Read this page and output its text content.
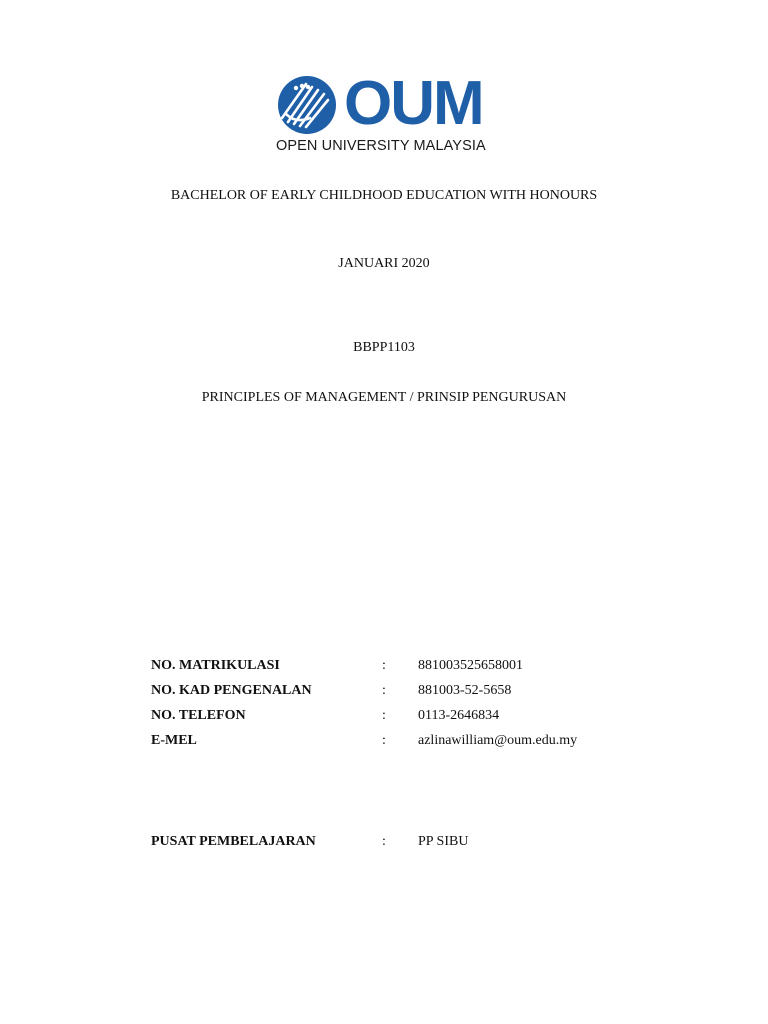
OUM
OPEN UNIVERSITY MALAYSIA
BACHELOR OF EARLY CHILDHOOD EDUCATION WITH HONOURS
JANUARI 2020
BBPP1103
PRINCIPLES OF MANAGEMENT / PRINSIP PENGURUSAN
NO. MATRIKULASI	: 881003525658001
NO. KAD PENGENALAN	: 881003-52-5658
NO. TELEFON	: 0113-2646834
E-MEL	: azlinawilliam@oum.edu.my
PUSAT PEMBELAJARAN	: PP SIBU
